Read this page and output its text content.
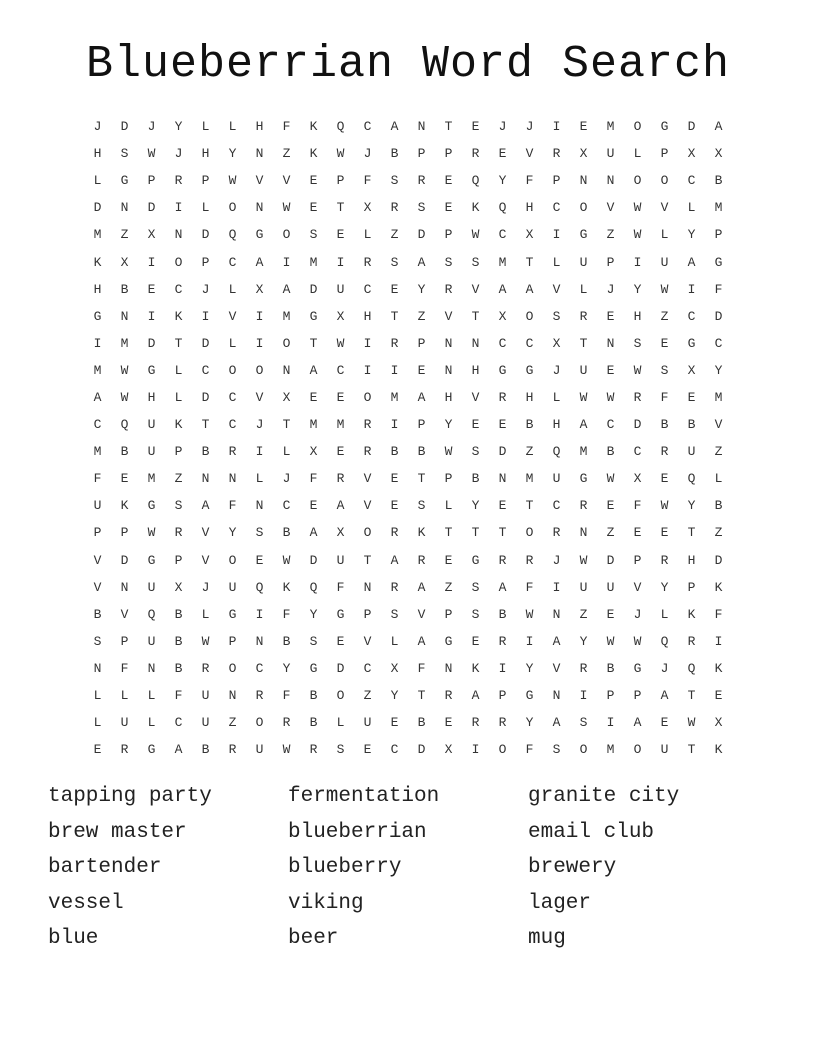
Blueberrian Word Search
J	D	J	Y	L	L	H	F	K	Q	C	A	N	T	E	J	J	I	E	M	O	G	D	A
H	S	W	J	H	Y	N	Z	K	W	J	B	P	P	R	E	V	R	X	U	L	P	X	X
L	G	P	R	P	W	V	V	E	P	F	S	R	E	Q	Y	F	P	N	N	O	O	C	B
D	N	D	I	L	O	N	W	E	T	X	R	S	E	K	Q	H	C	O	V	W	V	L	M
M	Z	X	N	D	Q	G	O	S	E	L	Z	D	P	W	C	X	I	G	Z	W	L	Y	P
K	X	I	O	P	C	A	I	M	I	R	S	A	S	S	M	T	L	U	P	I	U	A	G
H	B	E	C	J	L	X	A	D	U	C	E	Y	R	V	A	A	V	L	J	Y	W	I	F
G	N	I	K	I	V	I	M	G	X	H	T	Z	V	T	X	O	S	R	E	H	Z	C	D
I	M	D	T	D	L	I	O	T	W	I	R	P	N	N	C	C	X	T	N	S	E	G	C
M	W	G	L	C	O	O	N	A	C	I	I	E	N	H	G	G	J	U	E	W	S	X	Y
A	W	H	L	D	C	V	X	E	E	O	M	A	H	V	R	H	L	W	W	R	F	E	M
C	Q	U	K	T	C	J	T	M	M	R	I	P	Y	E	E	B	H	A	C	D	B	B	V
M	B	U	P	B	R	I	L	X	E	R	B	B	W	S	D	Z	Q	M	B	C	R	U	Z
F	E	M	Z	N	N	L	J	F	R	V	E	T	P	B	N	M	U	G	W	X	E	Q	L
U	K	G	S	A	F	N	C	E	A	V	E	S	L	Y	E	T	C	R	E	F	W	Y	B
P	P	W	R	V	Y	S	B	A	X	O	R	K	T	T	T	O	R	N	Z	E	E	T	Z
V	D	G	P	V	O	E	W	D	U	T	A	R	E	G	R	R	J	W	D	P	R	H	D
V	N	U	X	J	U	Q	K	Q	F	N	R	A	Z	S	A	F	I	U	U	V	Y	P	K
B	V	Q	B	L	G	I	F	Y	G	P	S	V	P	S	B	W	N	Z	E	J	L	K	F
S	P	U	B	W	P	N	B	S	E	V	L	A	G	E	R	I	A	Y	W	W	Q	R	I
N	F	N	B	R	O	C	Y	G	D	C	X	F	N	K	I	Y	V	R	B	G	J	Q	K
L	L	L	F	U	N	R	F	B	O	Z	Y	T	R	A	P	G	N	I	P	P	A	T	E
L	U	L	C	U	Z	O	R	B	L	U	E	B	E	R	R	Y	A	S	I	A	E	W	X
E	R	G	A	B	R	U	W	R	S	E	C	D	X	I	O	F	S	O	M	O	U	T	K
tapping party	fermentation	granite city
brew master	blueberrian	email club
bartender	blueberry	brewery
vessel	viking	lager
blue	beer	mug
